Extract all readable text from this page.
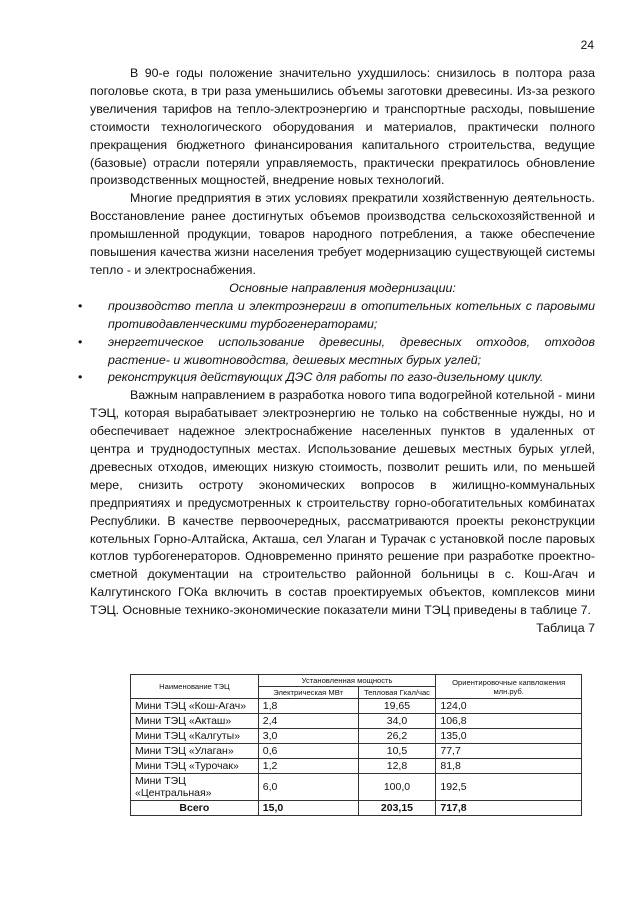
24

В 90-е годы положение значительно ухудшилось: снизилось в полтора раза поголовье скота, в три раза уменьшились объемы заготовки древесины. Из-за резкого увеличения тарифов на тепло-электроэнергию и транспортные расходы, повышение стоимости технологического оборудования и материалов, практически полного прекращения бюджетного финансирования капитального строительства, ведущие (базовые) отрасли потеряли управляемость, практически прекратилось обновление производственных мощностей, внедрение новых технологий.

Многие предприятия в этих условиях прекратили хозяйственную деятельность. Восстановление ранее достигнутых объемов производства сельскохозяйственной и промышленной продукции, товаров народного потребления, а также обеспечение повышения качества жизни населения требует модернизацию существующей системы тепло - и электроснабжения.

Основные направления модернизации:

• производство тепла и электроэнергии в отопительных котельных с паровыми противодавленческими турбогенераторами;
• энергетическое использование древесины, древесных отходов, отходов растение- и животноводства, дешевых местных бурых углей;
• реконструкция действующих ДЭС для работы по газо-дизельному циклу.

Важным направлением в разработка нового типа водогрейной котельной - мини ТЭЦ, которая вырабатывает электроэнергию не только на собственные нужды, но и обеспечивает надежное электроснабжение населенных пунктов в удаленных от центра и труднодоступных местах. Использование дешевых местных бурых углей, древесных отходов, имеющих низкую стоимость, позволит решить или, по меньшей мере, снизить остроту экономических вопросов в жилищно-коммунальных предприятиях и предусмотренных к строительству горно-обогатительных комбинатах Республики. В качестве первоочередных, рассматриваются проекты реконструкции котельных Горно-Алтайска, Акташа, сел Улаган и Турачак с установкой после паровых котлов турбогенераторов. Одновременно принято решение при разработке проектно-сметной документации на строительство районной больницы в с. Кош-Агач и Калгутинского ГОКа включить в состав проектируемых объектов, комплексов мини ТЭЦ. Основные технико-экономические показатели мини ТЭЦ приведены в таблице 7.

Таблица 7

Наименование ТЭЦ	Установленная мощность		Ориентировочные капвложения млн.руб.
	Электрическая МВт	Тепловая Гкал/час	
Мини ТЭЦ «Кош-Агач»	1,8	19,65	124,0
Мини ТЭЦ «Акташ»	2,4	34,0	106,8
Мини ТЭЦ «Калгуты»	3,0	26,2	135,0
Мини ТЭЦ «Улаган»	0,6	10,5	77,7
Мини ТЭЦ «Турочак»	1,2	12,8	81,8
Мини ТЭЦ «Центральная»	6,0	100,0	192,5
Всего	15,0	203,15	717,8
